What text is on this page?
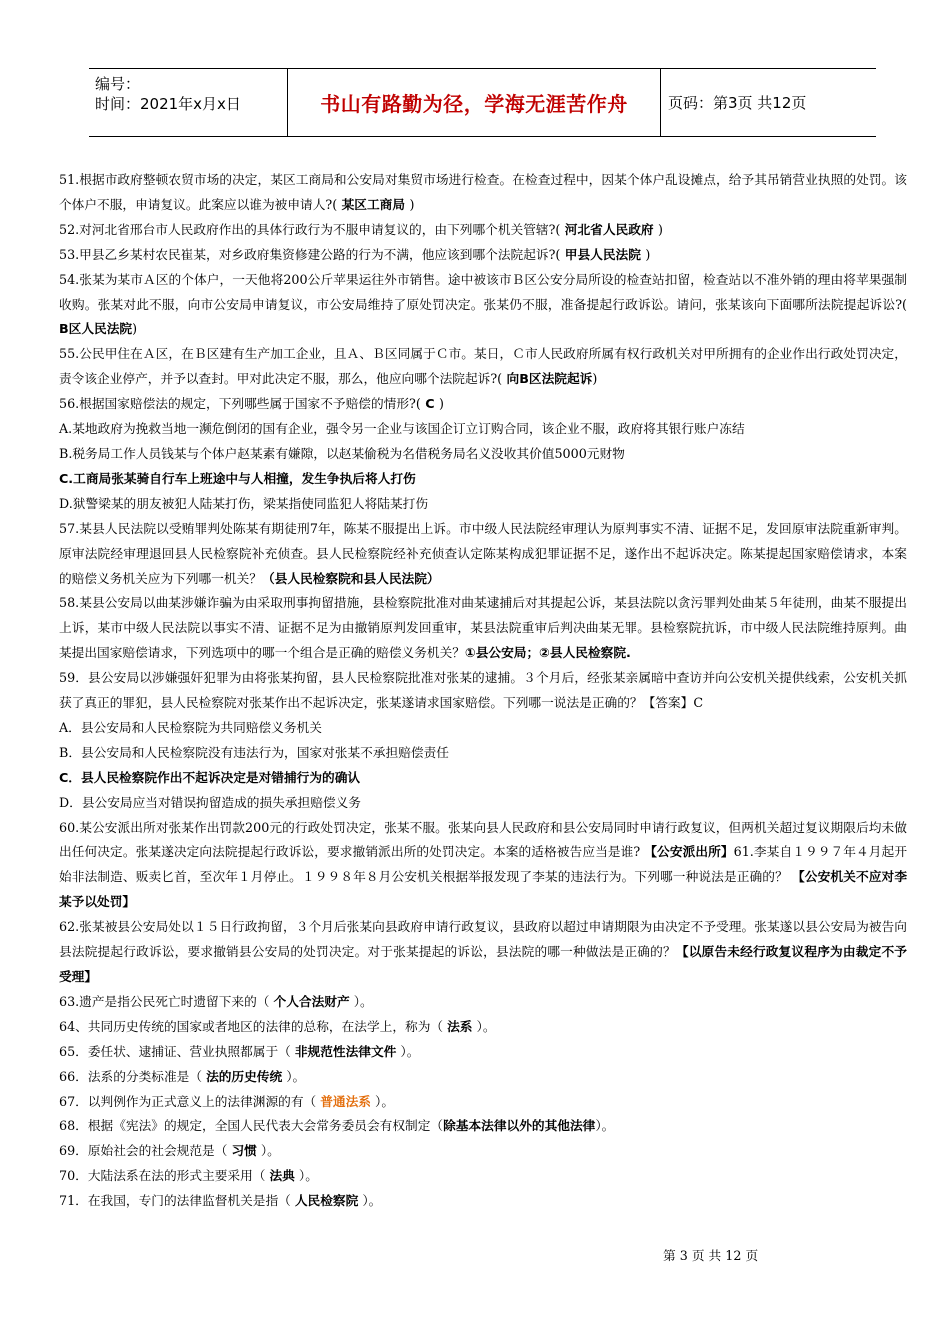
编号：
时间：2021年x月x日	书山有路勤为径，学海无涯苦作舟	页码：第3页 共12页

51.根据市政府整顿农贸市场的决定，某区工商局和公安局对集贸市场进行检查。在检查过程中，因某个体户乱设摊点，给予其吊销营业执照的处罚。该个体户不服，申请复议。此案应以谁为被申请人?( 某区工商局 )

52.对河北省邢台市人民政府作出的具体行政行为不服申请复议的，由下列哪个机关管辖?( 河北省人民政府 )

53.甲县乙乡某村农民崔某，对乡政府集资修建公路的行为不满，他应该到哪个法院起诉?( 甲县人民法院 )

54.张某为某市Ａ区的个体户，一天他将200公斤苹果运往外市销售。途中被该市Ｂ区公安分局所设的检查站扣留，检查站以不准外销的理由将苹果强制收购。张某对此不服，向市公安局申请复议，市公安局维持了原处罚决定。张某仍不服，准备提起行政诉讼。请问，张某该向下面哪所法院提起诉讼?( B区人民法院)

55.公民甲住在Ａ区，在Ｂ区建有生产加工企业，且Ａ、Ｂ区同属于Ｃ市。某日，Ｃ市人民政府所属有权行政机关对甲所拥有的企业作出行政处罚决定，责令该企业停产，并予以查封。甲对此决定不服，那么，他应向哪个法院起诉?( 向B区法院起诉)

56.根据国家赔偿法的规定，下列哪些属于国家不予赔偿的情形?( C )

A.某地政府为挽救当地一濒危倒闭的国有企业，强令另一企业与该国企订立订购合同，该企业不服，政府将其银行账户冻结

B.税务局工作人员钱某与个体户赵某素有嫌隙，以赵某偷税为名借税务局名义没收其价值5000元财物

C.工商局张某骑自行车上班途中与人相撞，发生争执后将人打伤

D.狱警梁某的朋友被犯人陆某打伤，梁某指使同监犯人将陆某打伤

57.某县人民法院以受贿罪判处陈某有期徒刑7年，陈某不服提出上诉。市中级人民法院经审理认为原判事实不清、证据不足，发回原审法院重新审判。原审法院经审理退回县人民检察院补充侦查。县人民检察院经补充侦查认定陈某构成犯罪证据不足，遂作出不起诉决定。陈某提起国家赔偿请求，本案的赔偿义务机关应为下列哪一机关？（县人民检察院和县人民法院）

58.某县公安局以曲某涉嫌诈骗为由采取刑事拘留措施，县检察院批准对曲某逮捕后对其提起公诉，某县法院以贪污罪判处曲某５年徒刑，曲某不服提出上诉，某市中级人民法院以事实不清、证据不足为由撤销原判发回重审，某县法院重审后判决曲某无罪。县检察院抗诉，市中级人民法院维持原判。曲某提出国家赔偿请求，下列选项中的哪一个组合是正确的赔偿义务机关？①县公安局；②县人民检察院.

59．县公安局以涉嫌强奸犯罪为由将张某拘留，县人民检察院批准对张某的逮捕。３个月后，经张某亲属暗中查访并向公安机关提供线索，公安机关抓获了真正的罪犯，县人民检察院对张某作出不起诉决定，张某遂请求国家赔偿。下列哪一说法是正确的？【答案】C

A．县公安局和人民检察院为共同赔偿义务机关

B．县公安局和人民检察院没有违法行为，国家对张某不承担赔偿责任

C．县人民检察院作出不起诉决定是对错捕行为的确认

D．县公安局应当对错误拘留造成的损失承担赔偿义务

60.某公安派出所对张某作出罚款200元的行政处罚决定，张某不服。张某向县人民政府和县公安局同时申请行政复议，但两机关超过复议期限后均未做出任何决定。张某遂决定向法院提起行政诉讼，要求撤销派出所的处罚决定。本案的适格被告应当是谁? 【公安派出所】61.李某自１９９７年４月起开始非法制造、贩卖匕首，至次年１月停止。１９９８年８月公安机关根据举报发现了李某的违法行为。下列哪一种说法是正确的？ 【公安机关不应对李某予以处罚】

62.张某被县公安局处以１５日行政拘留，３个月后张某向县政府申请行政复议，县政府以超过申请期限为由决定不予受理。张某遂以县公安局为被告向县法院提起行政诉讼，要求撤销县公安局的处罚决定。对于张某提起的诉讼，县法院的哪一种做法是正确的？【以原告未经行政复议程序为由裁定不予受理】

63.遗产是指公民死亡时遗留下来的（ 个人合法财产 ）。

64、共同历史传统的国家或者地区的法律的总称，在法学上，称为（ 法系 ）。

65．委任状、逮捕证、营业执照都属于（ 非规范性法律文件 ）。

66．法系的分类标准是（ 法的历史传统 ）。

67．以判例作为正式意义上的法律渊源的有（ 普通法系 ）。

68．根据《宪法》的规定，全国人民代表大会常务委员会有权制定（除基本法律以外的其他法律）。

69．原始社会的社会规范是（ 习惯 ）。

70．大陆法系在法的形式主要采用（ 法典 ）。

71．在我国，专门的法律监督机关是指（ 人民检察院 ）。

第 3 页 共 12 页
